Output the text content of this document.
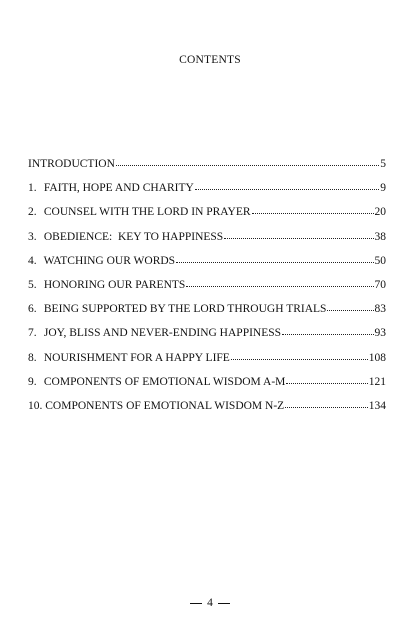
CONTENTS
INTRODUCTION	5
1. FAITH, HOPE AND CHARITY	9
2. COUNSEL WITH THE LORD IN PRAYER	20
3. OBEDIENCE:  KEY TO HAPPINESS	38
4. WATCHING OUR WORDS	50
5. HONORING OUR PARENTS	70
6. BEING SUPPORTED BY THE LORD THROUGH TRIALS	83
7. JOY, BLISS AND NEVER-ENDING HAPPINESS	93
8. NOURISHMENT FOR A HAPPY LIFE	108
9. COMPONENTS OF EMOTIONAL WISDOM A-M	121
10. COMPONENTS OF EMOTIONAL WISDOM N-Z	134
4
